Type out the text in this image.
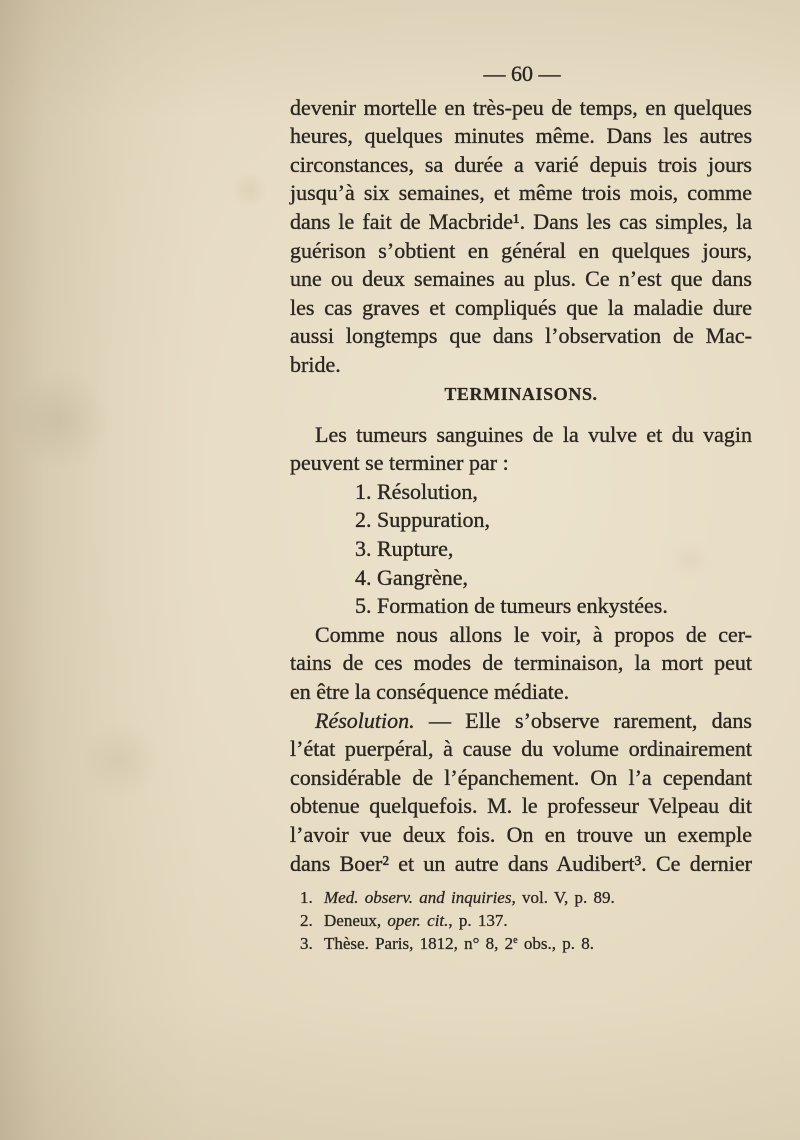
— 60 —
devenir mortelle en très-peu de temps, en quelques
heures, quelques minutes même. Dans les autres
circonstances, sa durée a varié depuis trois jours
jusqu’à six semaines, et même trois mois, comme
dans le fait de Macbride¹. Dans les cas simples, la
guérison s’obtient en général en quelques jours,
une ou deux semaines au plus. Ce n’est que dans
les cas graves et compliqués que la maladie dure
aussi longtemps que dans l’observation de Mac-
bride.
TERMINAISONS.
Les tumeurs sanguines de la vulve et du vagin
peuvent se terminer par :
1. Résolution,
2. Suppuration,
3. Rupture,
4. Gangrène,
5. Formation de tumeurs enkystées.
Comme nous allons le voir, à propos de cer-
tains de ces modes de terminaison, la mort peut
en être la conséquence médiate.
Résolution. — Elle s’observe rarement, dans
l’état puerpéral, à cause du volume ordinairement
considérable de l’épanchement. On l’a cependant
obtenue quelquefois. M. le professeur Velpeau dit
l’avoir vue deux fois. On en trouve un exemple
dans Boer² et un autre dans Audibert³. Ce dernier
1. Med. observ. and inquiries, vol. V, p. 89.
2. Deneux, oper. cit., p. 137.
3. Thèse. Paris, 1812, n° 8, 2e obs., p. 8.
